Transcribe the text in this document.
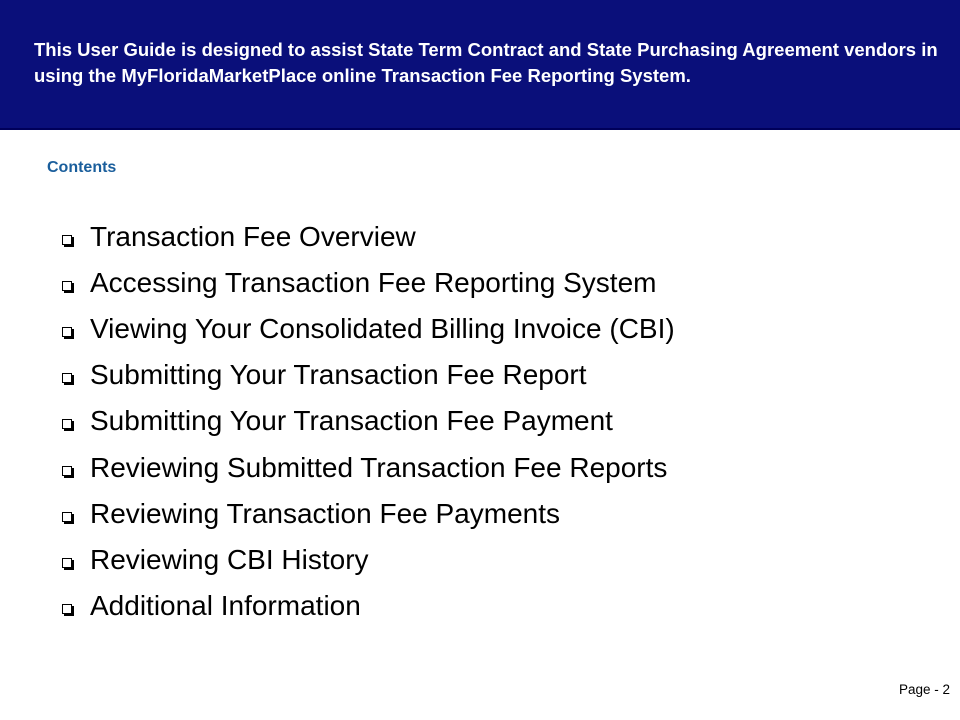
This User Guide is designed to assist State Term Contract and State Purchasing Agreement vendors in using the MyFloridaMarketPlace online Transaction Fee Reporting System.

Contents
Transaction Fee Overview
Accessing Transaction Fee Reporting System
Viewing Your Consolidated Billing Invoice (CBI)
Submitting Your Transaction Fee Report
Submitting Your Transaction Fee Payment
Reviewing Submitted Transaction Fee Reports
Reviewing Transaction Fee Payments
Reviewing CBI History
Additional Information

Page - 2
